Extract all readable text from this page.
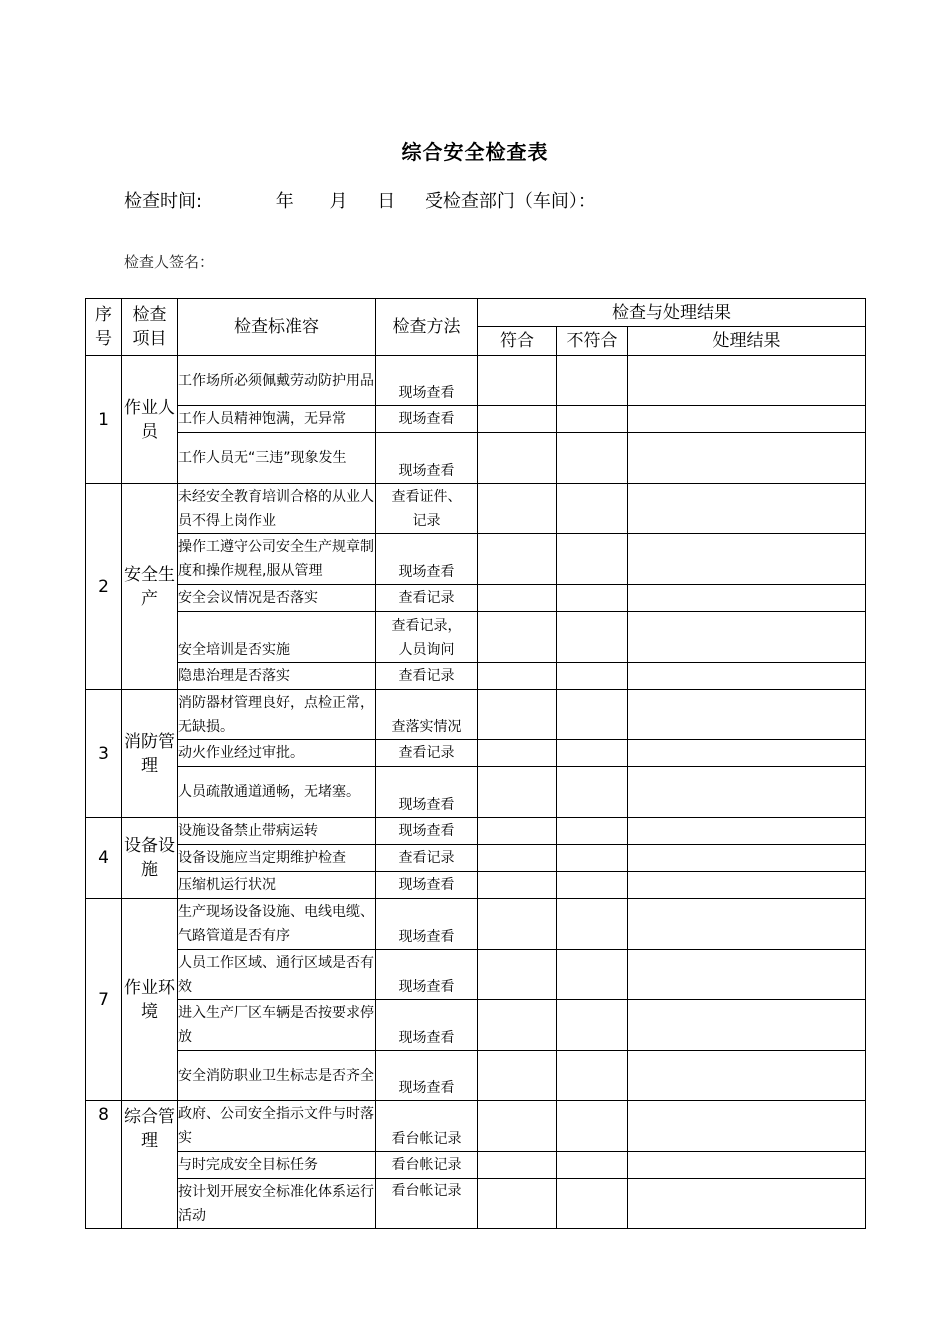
综合安全检查表
检查时间:	年 月 日 受检查部门（车间）：
检查人签名：
序号	检查项目	检查标准容	检查方法	检查与处理结果		
				符合	不符合	处理结果
1	作业人员	工作场所必须佩戴劳动防护用品	现场查看			
		工作人员精神饱满，无异常	现场查看			
		工作人员无“三违”现象发生	现场查看			
2	安全生产	未经安全教育培训合格的从业人员不得上岗作业	查看证件、记录			
		操作工遵守公司安全生产规章制度和操作规程,服从管理	现场查看			
		安全会议情况是否落实	查看记录			
		安全培训是否实施	查看记录，人员询问			
		隐患治理是否落实	查看记录			
3	消防管理	消防器材管理良好，点检正常，无缺损。	查落实情况			
		动火作业经过审批。	查看记录			
		人员疏散通道通畅，无堵塞。	现场查看			
4	设备设施	设施设备禁止带病运转	现场查看			
		设备设施应当定期维护检查	查看记录			
		压缩机运行状况	现场查看			
7	作业环境	生产现场设备设施、电线电缆、气路管道是否有序	现场查看			
		人员工作区域、通行区域是否有效	现场查看			
		进入生产厂区车辆是否按要求停放	现场查看			
		安全消防职业卫生标志是否齐全	现场查看			
8	综合管理	政府、公司安全指示文件与时落实	看台帐记录			
		与时完成安全目标任务	看台帐记录			
		按计划开展安全标准化体系运行活动	看台帐记录			
